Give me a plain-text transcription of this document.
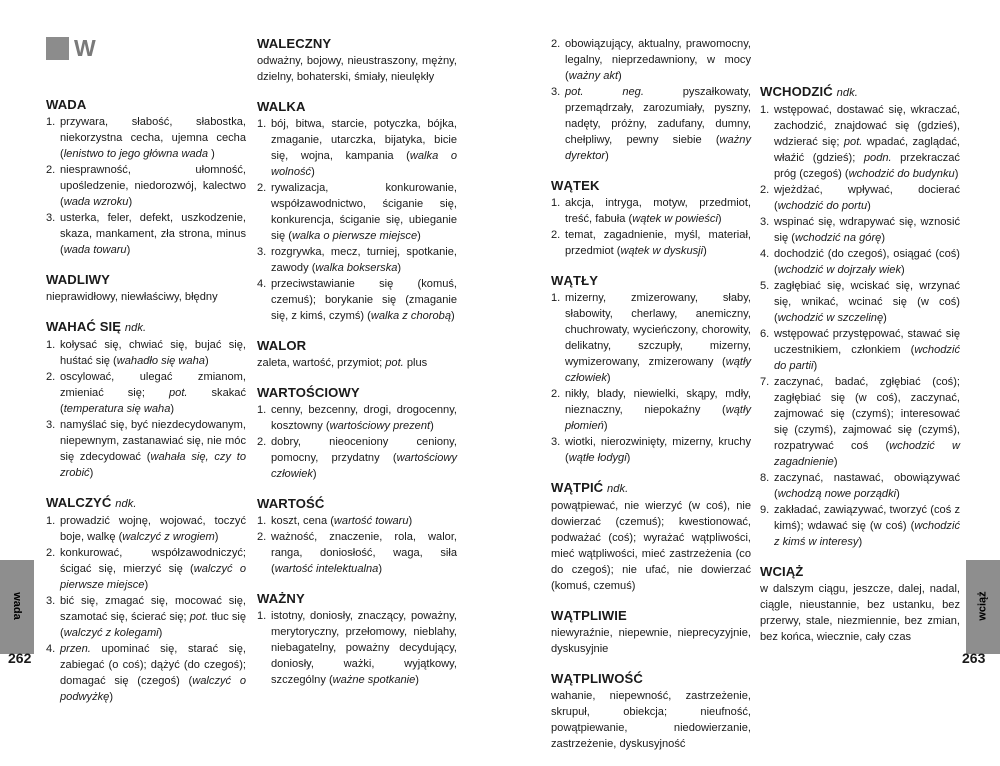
W
WADA
1. przywara, słabość, słabostka, niekorzystna cecha, ujemna cecha (lenistwo to jego główna wada )
2. niesprawność, ułomność, upośledzenie, niedorozwój, kalectwo (wada wzroku)
3. usterka, feler, defekt, uszkodzenie, skaza, mankament, zła strona, minus (wada towaru)
WADLIWY
nieprawidłowy, niewłaściwy, błędny
WAHAĆ SIĘ ndk.
1. kołysać się, chwiać się, bujać się, huśtać się (wahadło się waha)
2. oscylować, ulegać zmianom, zmieniać się; pot. skakać (temperatura się waha)
3. namyślać się, być niezdecydowanym, niepewnym, zastanawiać się, nie móc się zdecydować (wahała się, czy to zrobić)
WALCZYĆ ndk.
1. prowadzić wojnę, wojować, toczyć boje, walkę (walczyć z wrogiem)
2. konkurować, współzawodniczyć; ścigać się, mierzyć się (walczyć o pierwsze miejsce)
3. bić się, zmagać się, mocować się, szamotać się, ścierać się; pot. tłuc się (walczyć z kolegami)
4. przen. upominać się, starać się, zabiegać (o coś); dążyć (do czegoś); domagać się (czegoś) (walczyć o podwyżkę)
WALECZNY
odważny, bojowy, nieustraszony, mężny, dzielny, bohaterski, śmiały, nieulękły
WALKA
1. bój, bitwa, starcie, potyczka, bójka, zmaganie, utarczka, bijatyka, bicie się, wojna, kampania (walka o wolność)
2. rywalizacja, konkurowanie, współzawodnictwo, ściganie się, konkurencja, ściganie się, ubieganie się (walka o pierwsze miejsce)
3. rozgrywka, mecz, turniej, spotkanie, zawody (walka bokserska)
4. przeciwstawianie się (komuś, czemuś); borykanie się (zmaganie się, z kimś, czymś) (walka z chorobą)
WALOR
zaleta, wartość, przymiot; pot. plus
WARTOŚCIOWY
1. cenny, bezcenny, drogi, drogocenny, kosztowny (wartościowy prezent)
2. dobry, nieoceniony ceniony, pomocny, przydatny (wartościowy człowiek)
WARTOŚĆ
1. koszt, cena (wartość towaru)
2. ważność, znaczenie, rola, walor, ranga, doniosłość, waga, siła (wartość intelektualna)
WAŻNY
1. istotny, doniosły, znaczący, poważny, merytoryczny, przełomowy, nieblahy, niebagatelny, poważny decydujący, doniosły, ważki, wyjątkowy, szczególny (ważne spotkanie)
2. obowiązujący, aktualny, prawomocny, legalny, nieprzedawniony, w mocy (ważny akt)
3. pot. neg. pyszałkowaty, przemądrzały, zarozumiały, pyszny, nadęty, próżny, zadufany, dumny, chełpliwy, pewny siebie (ważny dyrektor)
WĄTEK
1. akcja, intryga, motyw, przedmiot, treść, fabuła (wątek w powieści)
2. temat, zagadnienie, myśl, materiał, przedmiot (wątek w dyskusji)
WĄTŁY
1. mizerny, zmizerowany, słaby, słabowity, cherlawy, anemiczny, chuchrowaty, wycieńczony, chorowity, delikatny, szczupły, mizerny, wymizerowany, zmizerowany (wątły człowiek)
2. nikły, blady, niewielki, skąpy, mdły, nieznaczny, niepokaźny (wątły płomień)
3. wiotki, nierozwinięty, mizerny, kruchy (wątłe łodygi)
WĄTPIĆ ndk.
powątpiewać, nie wierzyć (w coś), nie dowierzać (czemuś); kwestionować, podważać (coś); wyrażać wątpliwości, mieć wątpliwości, mieć zastrzeżenia (co do czegoś); nie ufać, nie dowierzać (komuś, czemuś)
WĄTPLIWIE
niewyraźnie, niepewnie, nieprecyzyjnie, dyskusyjnie
WĄTPLIWOŚĆ
wahanie, niepewność, zastrzeżenie, skrupuł, obiekcja; nieufność, powątpiewanie, niedowierzanie, zastrzeżenie, dyskusyjność
WCHODZIĆ ndk.
1. wstępować, dostawać się, wkraczać, zachodzić, znajdować się (gdzieś), wdzierać się; pot. wpadać, zaglądać, właźić (gdzieś); podn. przekraczać próg (czegoś) (wchodzić do budynku)
2. wjeżdżać, wpływać, docierać (wchodzić do portu)
3. wspinać się, wdrapywać się, wznosić się (wchodzić na górę)
4. dochodzić (do czegoś), osiągać (coś) (wchodzić w dojrzały wiek)
5. zagłębiać się, wciskać się, wrzynać się, wnikać, wcinać się (w coś) (wchodzić w szczelinę)
6. wstępować przystępować, stawać się uczestnikiem, członkiem (wchodzić do partii)
7. zaczynać, badać, zgłębiać (coś); zagłębiać się (w coś), zaczynać, zajmować się (czymś); interesować się (czymś), zajmować się (czymś), rozpatrywać coś (wchodzić w zagadnienie)
8. zaczynać, nastawać, obowiązywać (wchodzą nowe porządki)
9. zakładać, zawiązywać, tworzyć (coś z kimś); wdawać się (w coś) (wchodzić z kimś w interesy)
WCIĄŻ
w dalszym ciągu, jeszcze, dalej, nadal, ciągle, nieustannie, bez ustanku, bez przerwy, stale, niezmiennie, bez zmian, bez końca, wiecznie, cały czas
wada
262
wciąż
263
